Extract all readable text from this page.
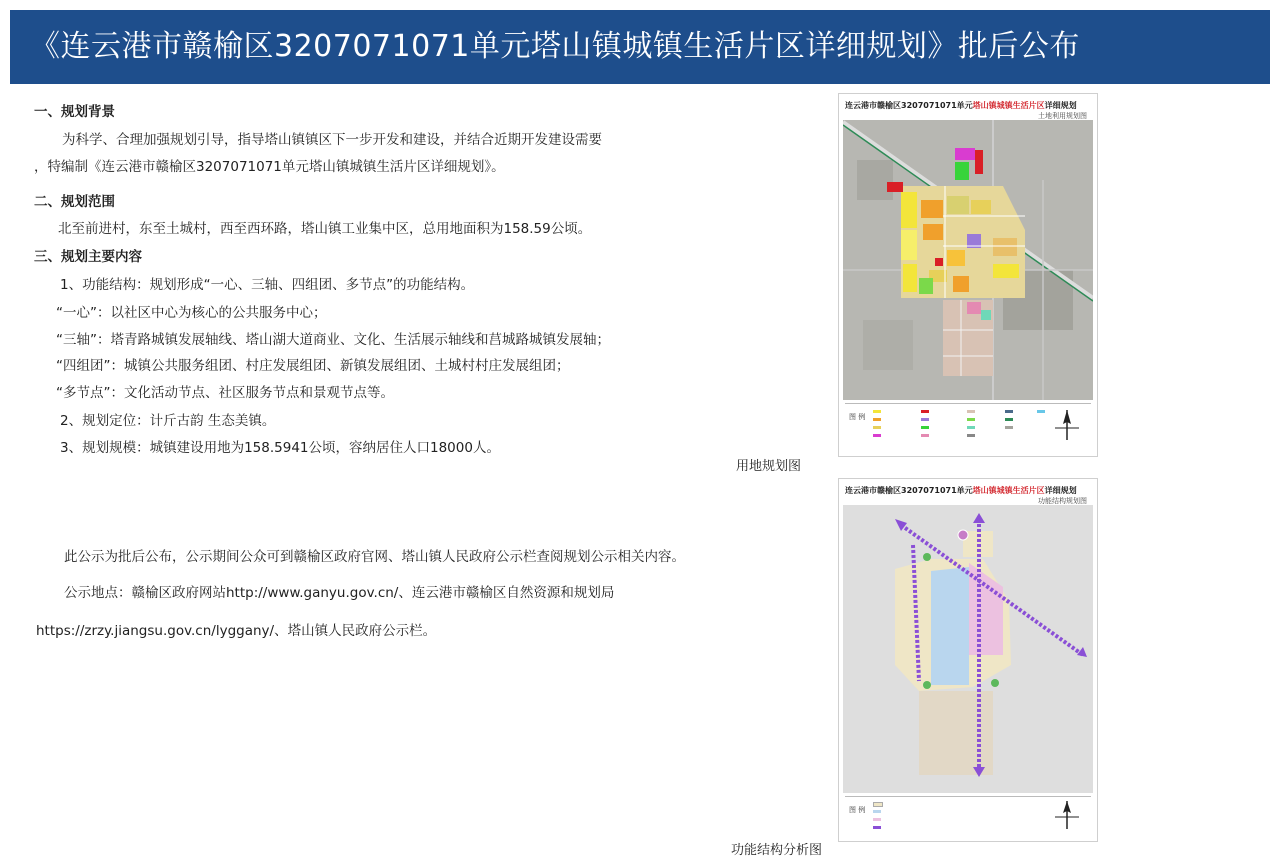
《连云港市赣榆区3207071071单元塔山镇城镇生活片区详细规划》批后公布
一、规划背景
为科学、合理加强规划引导，指导塔山镇镇区下一步开发和建设，并结合近期开发建设需要
，特编制《连云港市赣榆区3207071071单元塔山镇城镇生活片区详细规划》。
二、规划范围
北至前进村，东至土城村，西至西环路，塔山镇工业集中区，总用地面积为158.59公顷。
三、规划主要内容
1、功能结构：规划形成“一心、三轴、四组团、多节点”的功能结构。
“一心”：以社区中心为核心的公共服务中心；
“三轴”：塔青路城镇发展轴线、塔山湖大道商业、文化、生活展示轴线和莒城路城镇发展轴；
“四组团”：城镇公共服务组团、村庄发展组团、新镇发展组团、土城村村庄发展组团；
“多节点”：文化活动节点、社区服务节点和景观节点等。
2、规划定位：计斤古韵 生态美镇。
3、规划规模：城镇建设用地为158.5941公顷，容纳居住人口18000人。
此公示为批后公布，公示期间公众可到赣榆区政府官网、塔山镇人民政府公示栏查阅规划公示相关内容。
公示地点：赣榆区政府网站http://www.ganyu.gov.cn/、连云港市赣榆区自然资源和规划局
https://zrzy.jiangsu.gov.cn/lyggany/、塔山镇人民政府公示栏。
连云港市赣榆区3207071071单元塔山镇城镇生活片区详细规划
土地利用规划图
图 例
用地规划图
连云港市赣榆区3207071071单元塔山镇城镇生活片区详细规划
功能结构规划图
图 例
功能结构分析图
